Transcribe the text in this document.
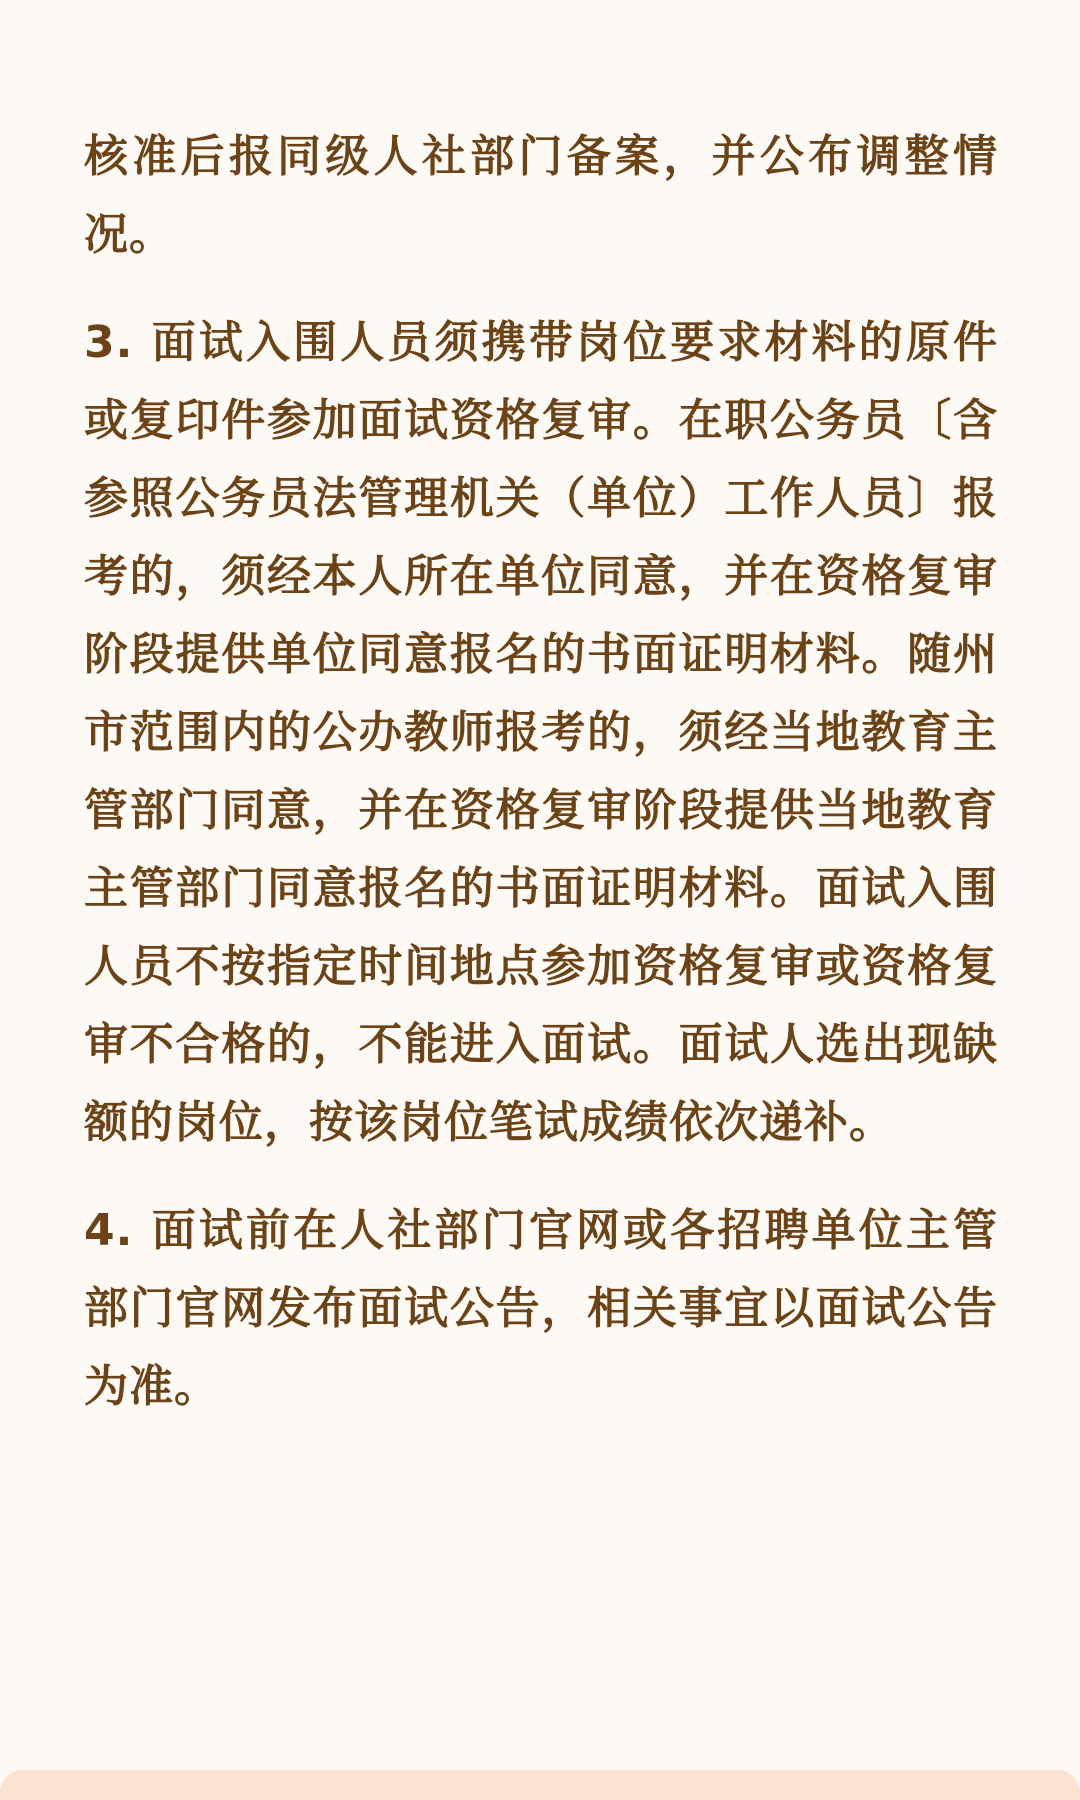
核准后报同级人社部门备案，并公布调整情况。

3. 面试入围人员须携带岗位要求材料的原件或复印件参加面试资格复审。在职公务员〔含参照公务员法管理机关（单位）工作人员〕报考的，须经本人所在单位同意，并在资格复审阶段提供单位同意报名的书面证明材料。随州市范围内的公办教师报考的，须经当地教育主管部门同意，并在资格复审阶段提供当地教育主管部门同意报名的书面证明材料。面试入围人员不按指定时间地点参加资格复审或资格复审不合格的，不能进入面试。面试人选出现缺额的岗位，按该岗位笔试成绩依次递补。

4. 面试前在人社部门官网或各招聘单位主管部门官网发布面试公告，相关事宜以面试公告为准。
